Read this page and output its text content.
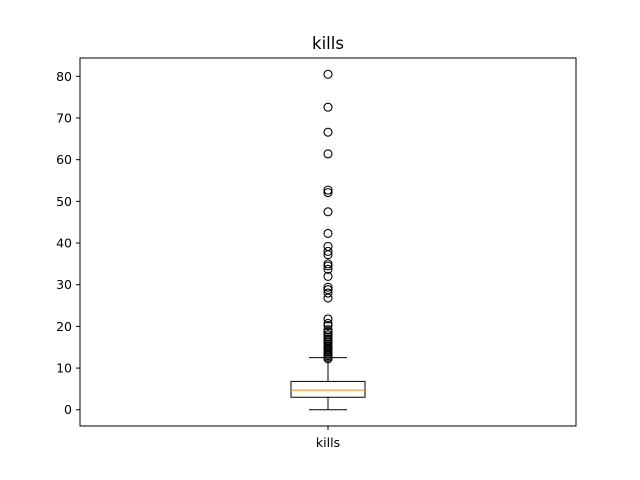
kills
0
10
20
30
40
50
60
70
80
kills
